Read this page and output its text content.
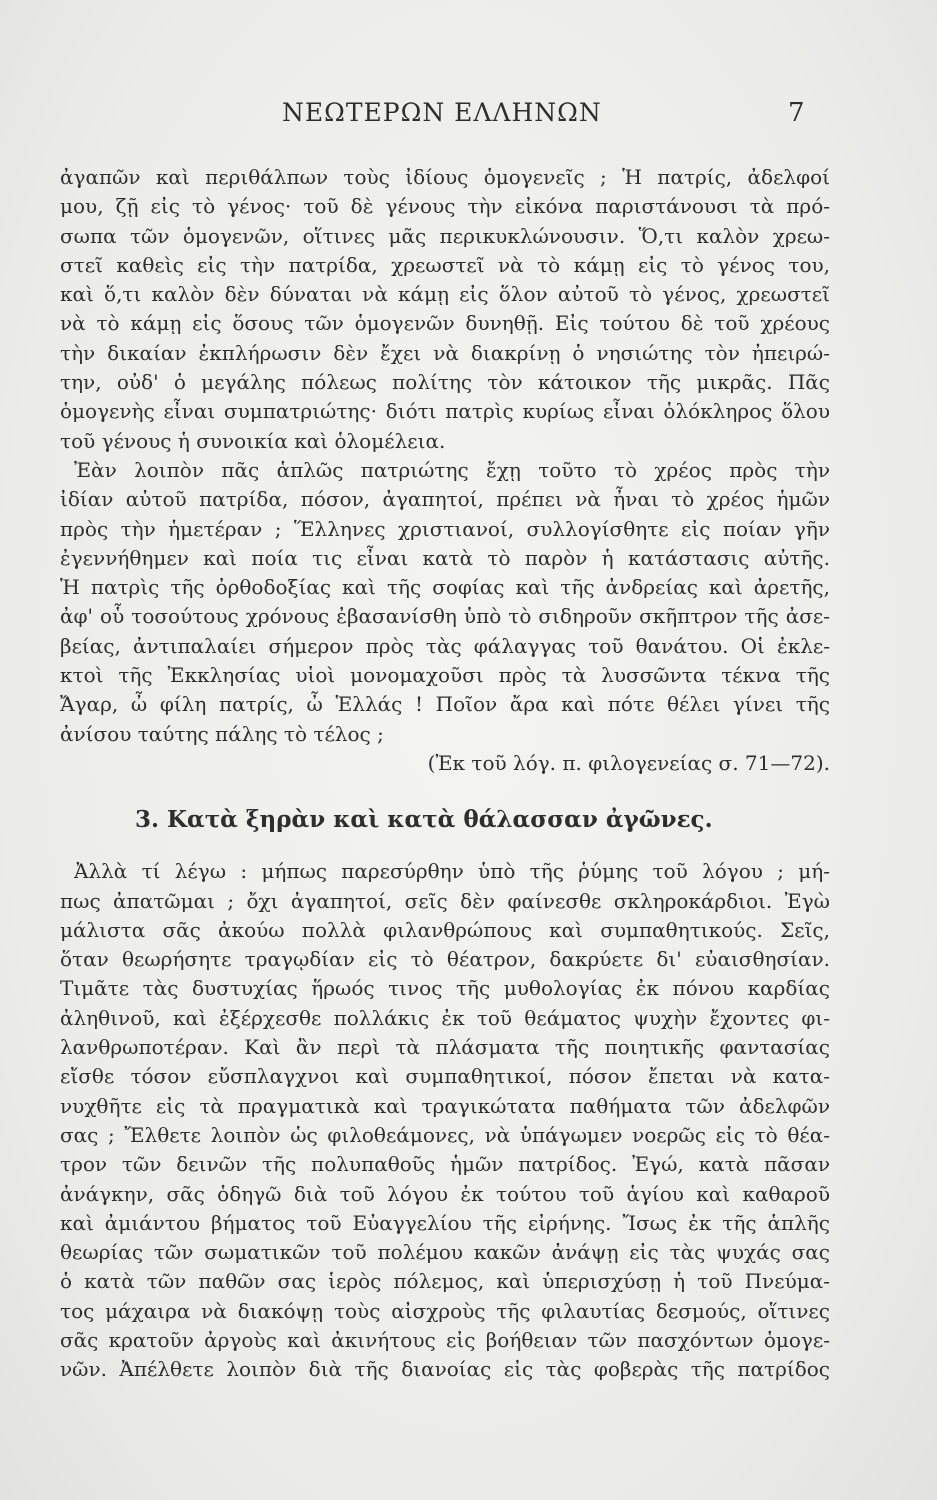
ΝΕΩΤΕΡΩΝ ΕΛΛΗΝΩΝ	7
ἀγαπῶν καὶ περιθάλπων τοὺς ἰδίους ὁμογενεῖς ; Ἡ πατρίς, ἀδελφοί
μου, ζῇ εἰς τὸ γένος· τοῦ δὲ γένους τὴν εἰκόνα παριστάνουσι τὰ πρό-
σωπα τῶν ὁμογενῶν, οἵτινες μᾶς περικυκλώνουσιν. Ὅ,τι καλὸν χρεω-
στεῖ καθεὶς εἰς τὴν πατρίδα, χρεωστεῖ νὰ τὸ κάμῃ εἰς τὸ γένος του,
καὶ ὅ,τι καλὸν δὲν δύναται νὰ κάμῃ εἰς ὅλον αὐτοῦ τὸ γένος, χρεωστεῖ
νὰ τὸ κάμῃ εἰς ὅσους τῶν ὁμογενῶν δυνηθῇ. Εἰς τούτου δὲ τοῦ χρέους
τὴν δικαίαν ἐκπλήρωσιν δὲν ἔχει νὰ διακρίνῃ ὁ νησιώτης τὸν ἠπειρώ-
την, οὐδ' ὁ μεγάλης πόλεως πολίτης τὸν κάτοικον τῆς μικρᾶς. Πᾶς
ὁμογενὴς εἶναι συμπατριώτης· διότι πατρὶς κυρίως εἶναι ὁλόκληρος ὅλου
τοῦ γένους ἡ συνοικία καὶ ὁλομέλεια.
Ἐὰν λοιπὸν πᾶς ἁπλῶς πατριώτης ἔχῃ τοῦτο τὸ χρέος πρὸς τὴν
ἰδίαν αὐτοῦ πατρίδα, πόσον, ἀγαπητοί, πρέπει νὰ ἦναι τὸ χρέος ἡμῶν
πρὸς τὴν ἡμετέραν ; Ἕλληνες χριστιανοί, συλλογίσθητε εἰς ποίαν γῆν
ἐγεννήθημεν καὶ ποία τις εἶναι κατὰ τὸ παρὸν ἡ κατάστασις αὐτῆς.
Ἡ πατρὶς τῆς ὀρθοδοξίας καὶ τῆς σοφίας καὶ τῆς ἀνδρείας καὶ ἀρετῆς,
ἀφ' οὗ τοσούτους χρόνους ἐβασανίσθη ὑπὸ τὸ σιδηροῦν σκῆπτρον τῆς ἀσε-
βείας, ἀντιπαλαίει σήμερον πρὸς τὰς φάλαγγας τοῦ θανάτου. Οἱ ἐκλε-
κτοὶ τῆς Ἐκκλησίας υἱοὶ μονομαχοῦσι πρὸς τὰ λυσσῶντα τέκνα τῆς
Ἄγαρ, ὦ φίλη πατρίς, ὦ Ἑλλάς ! Ποῖον ἄρα καὶ πότε θέλει γίνει τῆς
ἀνίσου ταύτης πάλης τὸ τέλος ;
(Ἐκ τοῦ λόγ. π. φιλογενείας σ. 71—72).
3. Κατὰ ξηρὰν καὶ κατὰ θάλασσαν ἀγῶνες.
Ἀλλὰ τί λέγω : μήπως παρεσύρθην ὑπὸ τῆς ῥύμης τοῦ λόγου ; μή-
πως ἀπατῶμαι ; ὄχι ἀγαπητοί, σεῖς δὲν φαίνεσθε σκληροκάρδιοι. Ἐγὼ
μάλιστα σᾶς ἀκούω πολλὰ φιλανθρώπους καὶ συμπαθητικούς. Σεῖς,
ὅταν θεωρήσητε τραγῳδίαν εἰς τὸ θέατρον, δακρύετε δι' εὐαισθησίαν.
Τιμᾶτε τὰς δυστυχίας ἥρωός τινος τῆς μυθολογίας ἐκ πόνου καρδίας
ἀληθινοῦ, καὶ ἐξέρχεσθε πολλάκις ἐκ τοῦ θεάματος ψυχὴν ἔχοντες φι-
λανθρωποτέραν. Καὶ ἂν περὶ τὰ πλάσματα τῆς ποιητικῆς φαντασίας
εἴσθε τόσον εὔσπλαγχνοι καὶ συμπαθητικοί, πόσον ἔπεται νὰ κατα-
νυχθῆτε εἰς τὰ πραγματικὰ καὶ τραγικώτατα παθήματα τῶν ἀδελφῶν
σας ; Ἔλθετε λοιπὸν ὡς φιλοθεάμονες, νὰ ὑπάγωμεν νοερῶς εἰς τὸ θέα-
τρον τῶν δεινῶν τῆς πολυπαθοῦς ἡμῶν πατρίδος. Ἐγώ, κατὰ πᾶσαν
ἀνάγκην, σᾶς ὁδηγῶ διὰ τοῦ λόγου ἐκ τούτου τοῦ ἁγίου καὶ καθαροῦ
καὶ ἀμιάντου βήματος τοῦ Εὐαγγελίου τῆς εἰρήνης. Ἴσως ἐκ τῆς ἁπλῆς
θεωρίας τῶν σωματικῶν τοῦ πολέμου κακῶν ἀνάψῃ εἰς τὰς ψυχάς σας
ὁ κατὰ τῶν παθῶν σας ἱερὸς πόλεμος, καὶ ὑπερισχύσῃ ἡ τοῦ Πνεύμα-
τος μάχαιρα νὰ διακόψῃ τοὺς αἰσχροὺς τῆς φιλαυτίας δεσμούς, οἵτινες
σᾶς κρατοῦν ἀργοὺς καὶ ἀκινήτους εἰς βοήθειαν τῶν πασχόντων ὁμογε-
νῶν. Ἀπέλθετε λοιπὸν διὰ τῆς διανοίας εἰς τὰς φοβερὰς τῆς πατρίδος
